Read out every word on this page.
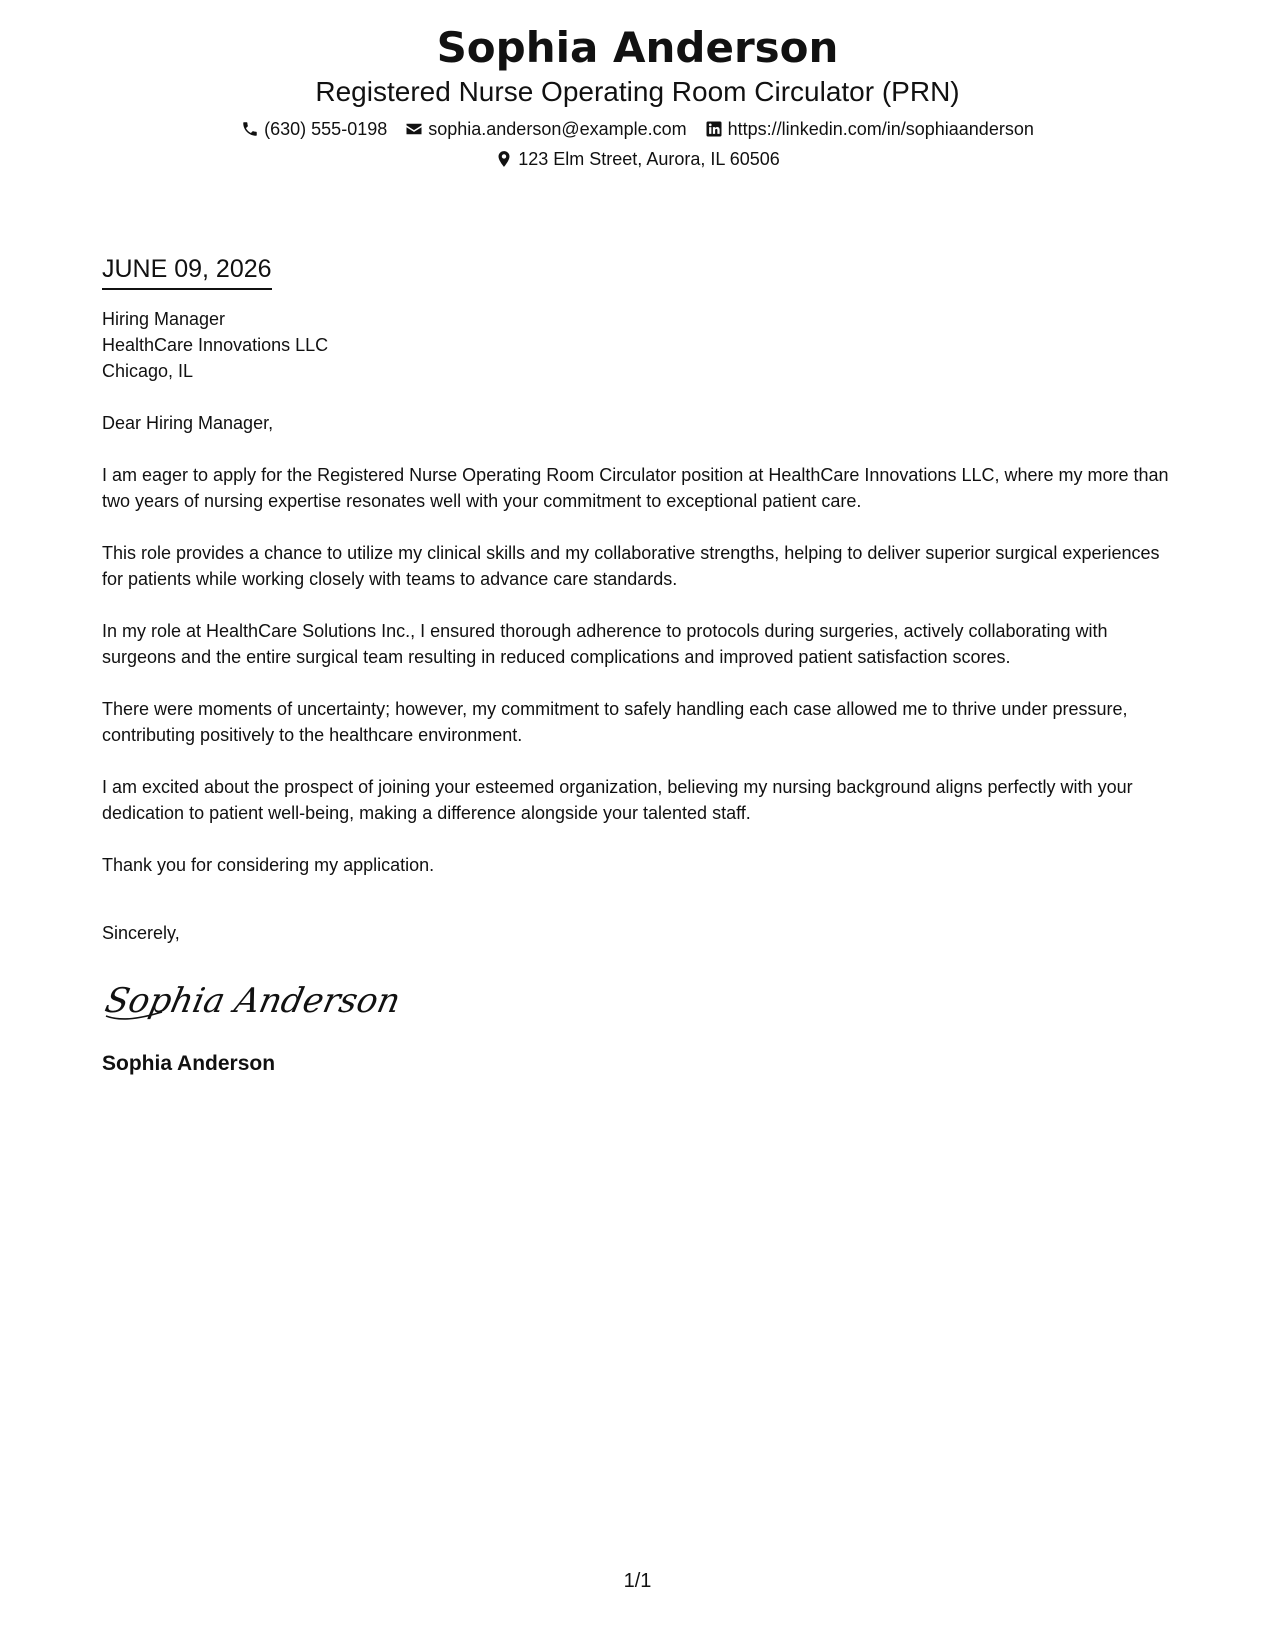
Sophia Anderson
Registered Nurse Operating Room Circulator (PRN)
(630) 555-0198 sophia.anderson@example.com https://linkedin.com/in/sophiaanderson
123 Elm Street, Aurora, IL 60506
JUNE 09, 2026
Hiring Manager
HealthCare Innovations LLC
Chicago, IL
Dear Hiring Manager,
I am eager to apply for the Registered Nurse Operating Room Circulator position at HealthCare Innovations LLC, where my more than two years of nursing expertise resonates well with your commitment to exceptional patient care.
This role provides a chance to utilize my clinical skills and my collaborative strengths, helping to deliver superior surgical experiences for patients while working closely with teams to advance care standards.
In my role at HealthCare Solutions Inc., I ensured thorough adherence to protocols during surgeries, actively collaborating with surgeons and the entire surgical team resulting in reduced complications and improved patient satisfaction scores.
There were moments of uncertainty; however, my commitment to safely handling each case allowed me to thrive under pressure, contributing positively to the healthcare environment.
I am excited about the prospect of joining your esteemed organization, believing my nursing background aligns perfectly with your dedication to patient well-being, making a difference alongside your talented staff.
Thank you for considering my application.
Sincerely,
Sophia Anderson
Sophia Anderson
1/1
